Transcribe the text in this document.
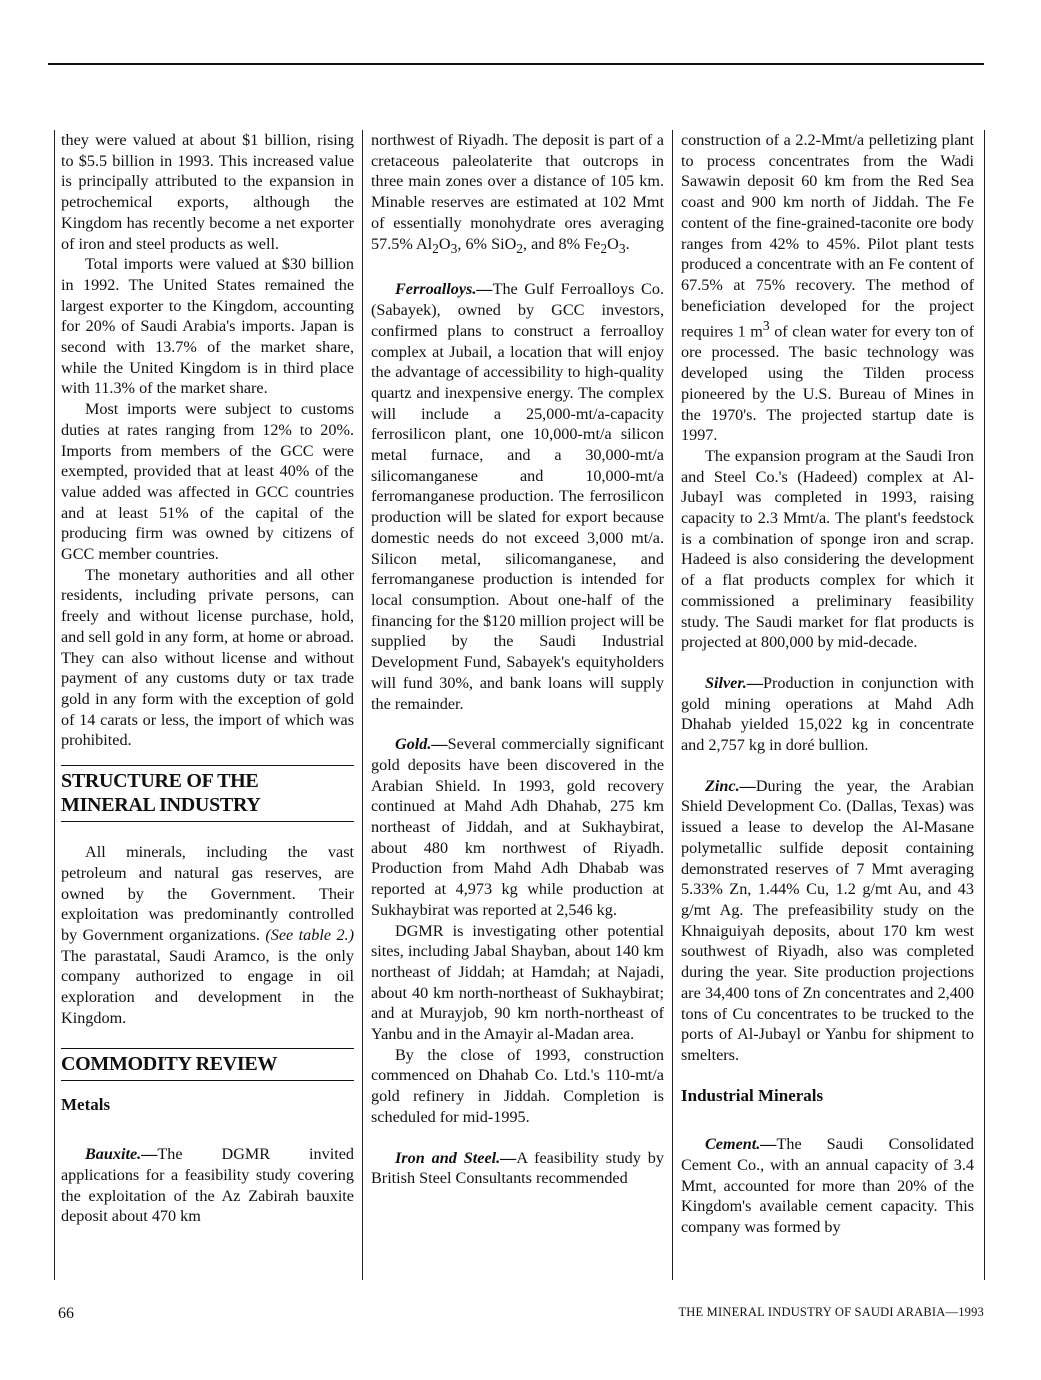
they were valued at about $1 billion, rising to $5.5 billion in 1993. This increased value is principally attributed to the expansion in petrochemical exports, although the Kingdom has recently become a net exporter of iron and steel products as well.

Total imports were valued at $30 billion in 1992. The United States remained the largest exporter to the Kingdom, accounting for 20% of Saudi Arabia's imports. Japan is second with 13.7% of the market share, while the United Kingdom is in third place with 11.3% of the market share.

Most imports were subject to customs duties at rates ranging from 12% to 20%. Imports from members of the GCC were exempted, provided that at least 40% of the value added was affected in GCC countries and at least 51% of the capital of the producing firm was owned by citizens of GCC member countries.

The monetary authorities and all other residents, including private persons, can freely and without license purchase, hold, and sell gold in any form, at home or abroad. They can also without license and without payment of any customs duty or tax trade gold in any form with the exception of gold of 14 carats or less, the import of which was prohibited.

STRUCTURE OF THE MINERAL INDUSTRY

All minerals, including the vast petroleum and natural gas reserves, are owned by the Government. Their exploitation was predominantly controlled by Government organizations. (See table 2.) The parastatal, Saudi Aramco, is the only company authorized to engage in oil exploration and development in the Kingdom.

COMMODITY REVIEW
Metals

Bauxite.—The DGMR invited applications for a feasibility study covering the exploitation of the Az Zabirah bauxite deposit about 470 km

northwest of Riyadh. The deposit is part of a cretaceous paleolaterite that outcrops in three main zones over a distance of 105 km. Minable reserves are estimated at 102 Mmt of essentially monohydrate ores averaging 57.5% $Al_2O_3$, 6% SiO$_2$, and 8% $Fe_2O_3$.

Ferroalloys.—The Gulf Ferroalloys Co. (Sabayek), owned by GCC investors, confirmed plans to construct a ferroalloy complex at Jubail, a location that will enjoy the advantage of accessibility to high-quality quartz and inexpensive energy. The complex will include a 25,000-mt/a-capacity ferrosilicon plant, one 10,000-mt/a silicon metal furnace, and a 30,000-mt/a silicomanganese and 10,000-mt/a ferromanganese production. The ferrosilicon production will be slated for export because domestic needs do not exceed 3,000 mt/a. Silicon metal, silicomanganese, and ferromanganese production is intended for local consumption. About one-half of the financing for the $120 million project will be supplied by the Saudi Industrial Development Fund, Sabayek's equityholders will fund 30%, and bank loans will supply the remainder.

Gold.—Several commercially significant gold deposits have been discovered in the Arabian Shield. In 1993, gold recovery continued at Mahd Adh Dhahab, 275 km northeast of Jiddah, and at Sukhaybirat, about 480 km northwest of Riyadh. Production from Mahd Adh Dhabab was reported at 4,973 kg while production at Sukhaybirat was reported at 2,546 kg.

DGMR is investigating other potential sites, including Jabal Shayban, about 140 km northeast of Jiddah; at Hamdah; at Najadi, about 40 km north-northeast of Sukhaybirat; and at Murayjob, 90 km north-northeast of Yanbu and in the Amayir al-Madan area.

By the close of 1993, construction commenced on Dhahab Co. Ltd.'s 110-mt/a gold refinery in Jiddah. Completion is scheduled for mid-1995.

Iron and Steel.—A feasibility study by British Steel Consultants recommended

construction of a 2.2-Mmt/a pelletizing plant to process concentrates from the Wadi Sawawin deposit 60 km from the Red Sea coast and 900 km north of Jiddah. The Fe content of the fine-grained-taconite ore body ranges from 42% to 45%. Pilot plant tests produced a concentrate with an Fe content of 67.5% at 75% recovery. The method of beneficiation developed for the project requires 1 $m^3$ of clean water for every ton of ore processed. The basic technology was developed using the Tilden process pioneered by the U.S. Bureau of Mines in the 1970's. The projected startup date is 1997.

The expansion program at the Saudi Iron and Steel Co.'s (Hadeed) complex at Al-Jubayl was completed in 1993, raising capacity to 2.3 Mmt/a. The plant's feedstock is a combination of sponge iron and scrap. Hadeed is also considering the development of a flat products complex for which it commissioned a preliminary feasibility study. The Saudi market for flat products is projected at 800,000 by mid-decade.

Silver.—Production in conjunction with gold mining operations at Mahd Adh Dhahab yielded 15,022 kg in concentrate and 2,757 kg in doré bullion.

Zinc.—During the year, the Arabian Shield Development Co. (Dallas, Texas) was issued a lease to develop the Al-Masane polymetallic sulfide deposit containing demonstrated reserves of 7 Mmt averaging 5.33% Zn, 1.44% Cu, 1.2 g/mt Au, and 43 g/mt Ag. The prefeasibility study on the Khnaiguiyah deposits, about 170 km west southwest of Riyadh, also was completed during the year. Site production projections are 34,400 tons of Zn concentrates and 2,400 tons of Cu concentrates to be trucked to the ports of Al-Jubayl or Yanbu for shipment to smelters.

Industrial Minerals

Cement.—The Saudi Consolidated Cement Co., with an annual capacity of 3.4 Mmt, accounted for more than 20% of the Kingdom's available cement capacity. This company was formed by

66	THE MINERAL INDUSTRY OF SAUDI ARABIA—1993
